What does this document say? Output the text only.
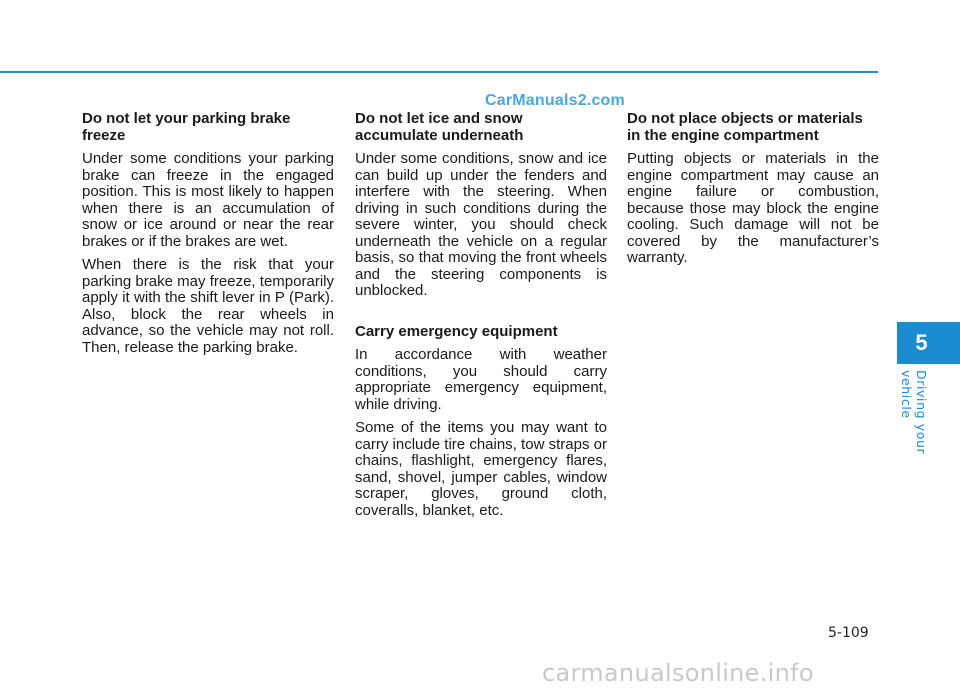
CarManuals2.com
Do not let your parking brake freeze

Under some conditions your parking brake can freeze in the engaged position. This is most likely to happen when there is an accumulation of snow or ice around or near the rear brakes or if the brakes are wet.

When there is the risk that your parking brake may freeze, temporarily apply it with the shift lever in P (Park). Also, block the rear wheels in advance, so the vehicle may not roll. Then, release the parking brake.

Do not let ice and snow accumulate underneath

Under some conditions, snow and ice can build up under the fenders and interfere with the steering. When driving in such conditions during the severe winter, you should check underneath the vehicle on a regular basis, so that moving the front wheels and the steering components is unblocked.

Carry emergency equipment

In accordance with weather conditions, you should carry appropriate emergency equipment, while driving.

Some of the items you may want to carry include tire chains, tow straps or chains, flashlight, emergency flares, sand, shovel, jumper cables, window scraper, gloves, ground cloth, coveralls, blanket, etc.

Do not place objects or materials in the engine compartment

Putting objects or materials in the engine compartment may cause an engine failure or combustion, because those may block the engine cooling. Such damage will not be covered by the manufacturer’s warranty.

5
Driving your vehicle
5-109
carmanualsonline.info
